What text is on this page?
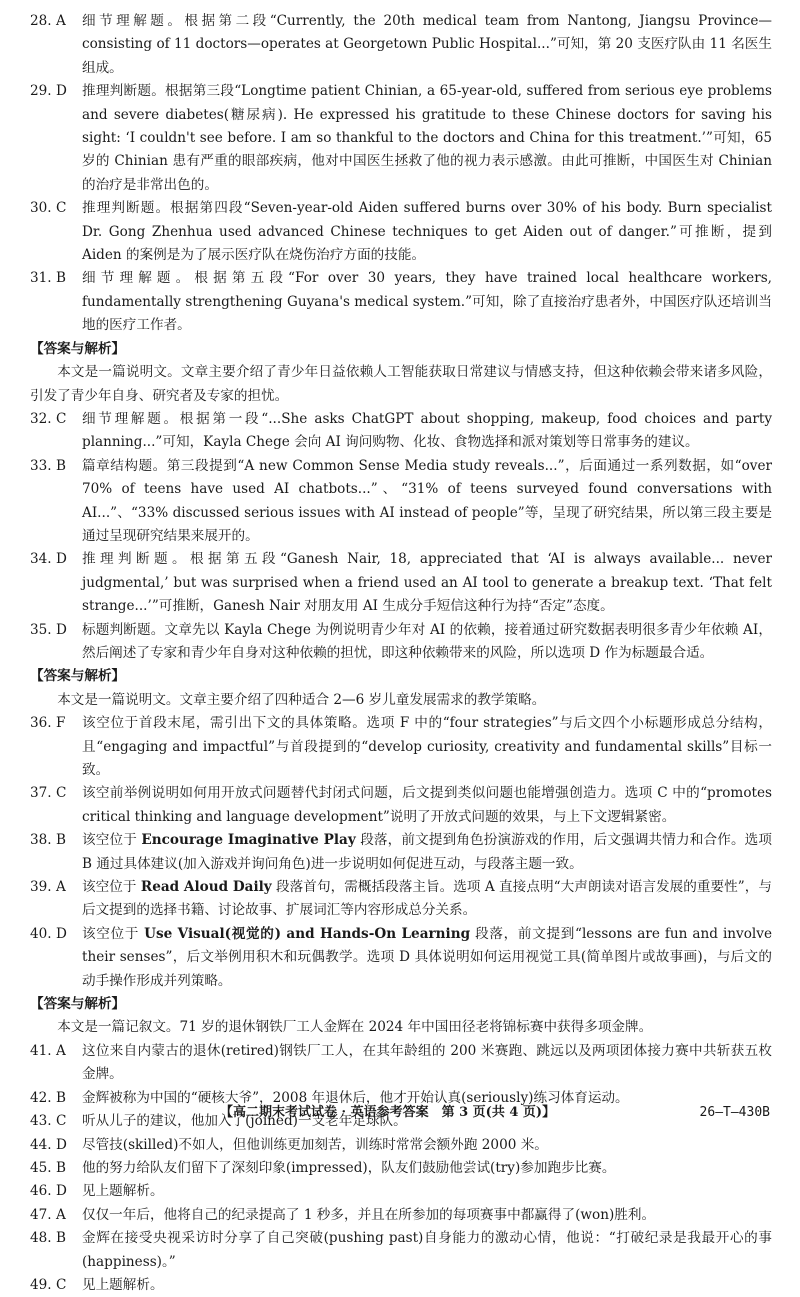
28. A	细节理解题。根据第二段“Currently, the 20th medical team from Nantong, Jiangsu Province—consisting of 11 doctors—operates at Georgetown Public Hospital...”可知，第 20 支医疗队由 11 名医生组成。
29. D	推理判断题。根据第三段“Longtime patient Chinian, a 65-year-old, suffered from serious eye problems and severe diabetes(糖尿病). He expressed his gratitude to these Chinese doctors for saving his sight: ‘I couldn't see before. I am so thankful to the doctors and China for this treatment.’”可知，65 岁的 Chinian 患有严重的眼部疾病，他对中国医生拯救了他的视力表示感激。由此可推断，中国医生对 Chinian 的治疗是非常出色的。
30. C	推理判断题。根据第四段“Seven-year-old Aiden suffered burns over 30% of his body. Burn specialist Dr. Gong Zhenhua used advanced Chinese techniques to get Aiden out of danger.”可推断，提到 Aiden 的案例是为了展示医疗队在烧伤治疗方面的技能。
31. B	细节理解题。根据第五段“For over 30 years, they have trained local healthcare workers, fundamentally strengthening Guyana's medical system.”可知，除了直接治疗患者外，中国医疗队还培训当地的医疗工作者。

【答案与解析】

本文是一篇说明文。文章主要介绍了青少年日益依赖人工智能获取日常建议与情感支持，但这种依赖会带来诸多风险，引发了青少年自身、研究者及专家的担忧。

32. C	细节理解题。根据第一段“...She asks ChatGPT about shopping, makeup, food choices and party planning...”可知，Kayla Chege 会向 AI 询问购物、化妆、食物选择和派对策划等日常事务的建议。
33. B	篇章结构题。第三段提到“A new Common Sense Media study reveals...”，后面通过一系列数据，如“over 70% of teens have used AI chatbots...”、“31% of teens surveyed found conversations with AI...”、“33% discussed serious issues with AI instead of people”等，呈现了研究结果，所以第三段主要是通过呈现研究结果来展开的。
34. D	推理判断题。根据第五段“Ganesh Nair, 18, appreciated that ‘AI is always available... never judgmental,’ but was surprised when a friend used an AI tool to generate a breakup text. ‘That felt strange...’”可推断，Ganesh Nair 对朋友用 AI 生成分手短信这种行为持“否定”态度。
35. D	标题判断题。文章先以 Kayla Chege 为例说明青少年对 AI 的依赖，接着通过研究数据表明很多青少年依赖 AI，然后阐述了专家和青少年自身对这种依赖的担忧，即这种依赖带来的风险，所以选项 D 作为标题最合适。

【答案与解析】

本文是一篇说明文。文章主要介绍了四种适合 2—6 岁儿童发展需求的教学策略。

36. F	该空位于首段末尾，需引出下文的具体策略。选项 F 中的“four strategies”与后文四个小标题形成总分结构，且“engaging and impactful”与首段提到的“develop curiosity, creativity and fundamental skills”目标一致。
37. C	该空前举例说明如何用开放式问题替代封闭式问题，后文提到类似问题也能增强创造力。选项 C 中的“promotes critical thinking and language development”说明了开放式问题的效果，与上下文逻辑紧密。
38. B	该空位于 Encourage Imaginative Play 段落，前文提到角色扮演游戏的作用，后文强调共情力和合作。选项 B 通过具体建议(加入游戏并询问角色)进一步说明如何促进互动，与段落主题一致。
39. A	该空位于 Read Aloud Daily 段落首句，需概括段落主旨。选项 A 直接点明“大声朗读对语言发展的重要性”，与后文提到的选择书籍、讨论故事、扩展词汇等内容形成总分关系。
40. D	该空位于 Use Visual(视觉的) and Hands-On Learning 段落，前文提到“lessons are fun and involve their senses”，后文举例用积木和玩偶教学。选项 D 具体说明如何运用视觉工具(简单图片或故事画)，与后文的动手操作形成并列策略。

【答案与解析】

本文是一篇记叙文。71 岁的退休钢铁厂工人金辉在 2024 年中国田径老将锦标赛中获得多项金牌。

41. A	这位来自内蒙古的退休(retired)钢铁厂工人，在其年龄组的 200 米赛跑、跳远以及两项团体接力赛中共斩获五枚金牌。
42. B	金辉被称为中国的“硬核大爷”，2008 年退休后，他才开始认真(seriously)练习体育运动。
43. C	听从儿子的建议，他加入了(joined)一支老年足球队。
44. D	尽管技(skilled)不如人，但他训练更加刻苦，训练时常常会额外跑 2000 米。
45. B	他的努力给队友们留下了深刻印象(impressed)，队友们鼓励他尝试(try)参加跑步比赛。
46. D	见上题解析。
47. A	仅仅一年后，他将自己的纪录提高了 1 秒多，并且在所参加的每项赛事中都赢得了(won)胜利。
48. B	金辉在接受央视采访时分享了自己突破(pushing past)自身能力的激动心情，他说：“打破纪录是我最开心的事(happiness)。”
49. C	见上题解析。
【高二期末考试试卷 · 英语参考答案　第 3 页(共 4 页)】	26—T—430B
